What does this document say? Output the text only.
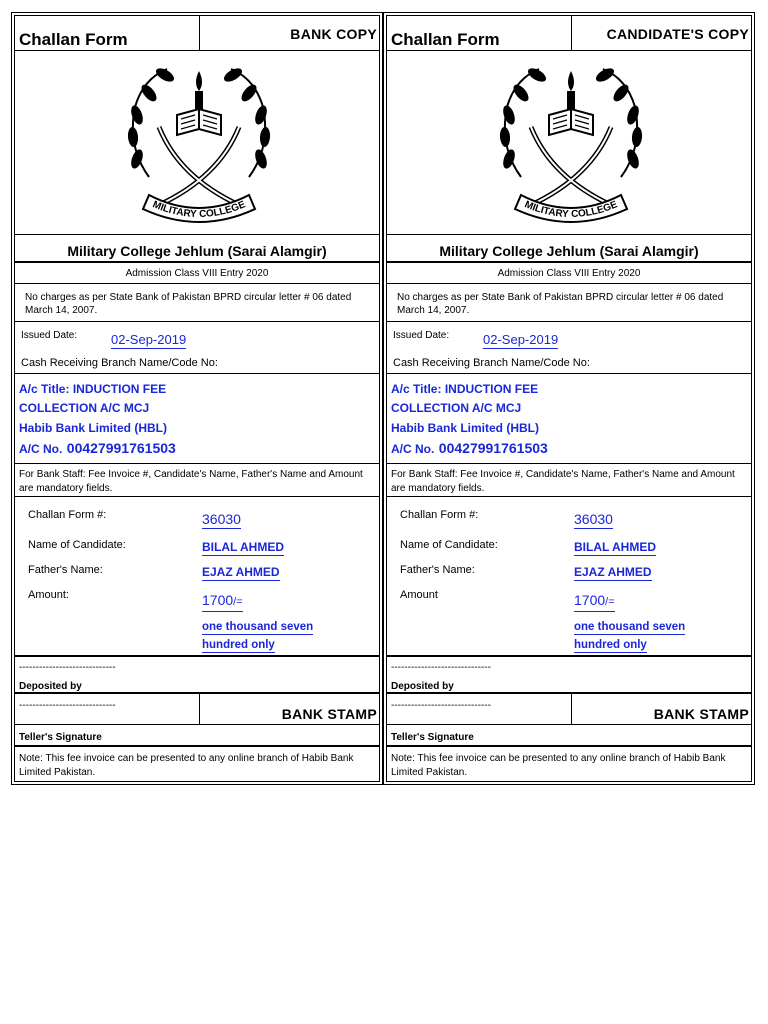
Challan Form	BANK COPY
MILITARY COLLEGE
Military College Jehlum (Sarai Alamgir)
Admission Class VIII Entry 2020
No charges as per State Bank of Pakistan BPRD circular letter # 06 dated March 14, 2007.
Issued Date:	02-Sep-2019
Cash Receiving Branch Name/Code No:
A/c Title: INDUCTION FEE
COLLECTION A/C MCJ
Habib Bank Limited (HBL)
A/C No. 00427991761503
For Bank Staff: Fee Invoice #, Candidate's Name, Father's Name and Amount are mandatory fields.
Challan Form #:	36030
Name of Candidate:	BILAL AHMED
Father's Name:	EJAZ AHMED
Amount:	1700/=
one thousand seven
hundred only
-----------------------------
Deposited by
-----------------------------
BANK STAMP
Teller's Signature
Note: This fee invoice can be presented to any online branch of Habib Bank Limited Pakistan.
Challan Form	CANDIDATE'S COPY
MILITARY COLLEGE
Military College Jehlum (Sarai Alamgir)
Admission Class VIII Entry 2020
No charges as per State Bank of Pakistan BPRD circular letter # 06 dated March 14, 2007.
Issued Date:	02-Sep-2019
Cash Receiving Branch Name/Code No:
A/c Title: INDUCTION FEE
COLLECTION A/C MCJ
Habib Bank Limited (HBL)
A/C No. 00427991761503
For Bank Staff: Fee Invoice #, Candidate's Name, Father's Name and Amount are mandatory fields.
Challan Form #:	36030
Name of Candidate:	BILAL AHMED
Father's Name:	EJAZ AHMED
Amount	1700/=
one thousand seven
hundred only
------------------------------
Deposited by
------------------------------
BANK STAMP
Teller's Signature
Note: This fee invoice can be presented to any online branch of Habib Bank Limited Pakistan.
